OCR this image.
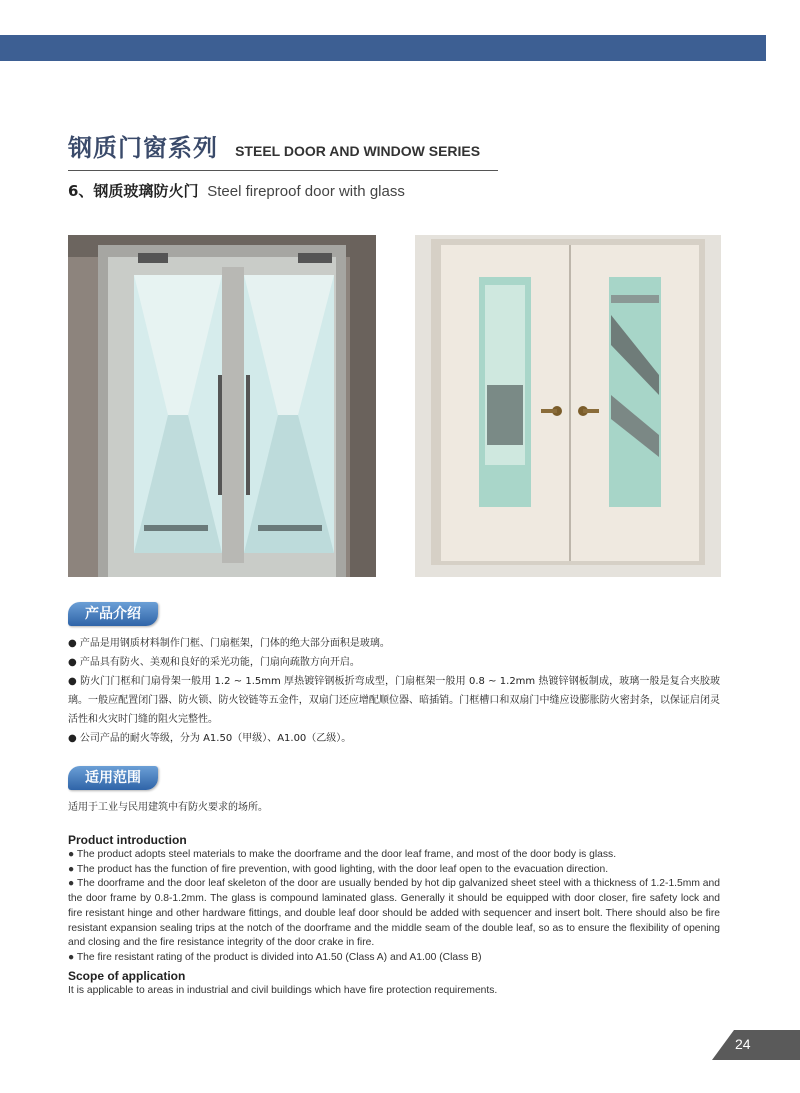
钢质门窗系列 STEEL DOOR AND WINDOW SERIES
6、钢质玻璃防火门 Steel fireproof door with glass
产品介绍

● 产品是用钢质材料制作门框、门扇框架，门体的绝大部分面积是玻璃。

● 产品具有防火、美观和良好的采光功能，门扇向疏散方向开启。

● 防火门门框和门扇骨架一般用 1.2 ~ 1.5mm 厚热镀锌钢板折弯成型，门扇框架一般用 0.8 ~ 1.2mm 热镀锌钢板制成，玻璃一般是复合夹胶玻璃。一般应配置闭门器、防火锁、防火铰链等五金件，双扇门还应增配顺位器、暗插销。门框槽口和双扇门中缝应设膨胀防火密封条，以保证启闭灵活性和火灾时门缝的阻火完整性。

● 公司产品的耐火等级，分为 A1.50（甲级）、A1.00（乙级）。

适用范围
适用于工业与民用建筑中有防火要求的场所。
Product introduction

● The product adopts steel materials to make the doorframe and the door leaf frame, and most of the door body is glass.

● The product has the function of fire prevention, with good lighting, with the door leaf open to the evacuation direction.

● The doorframe and the door leaf skeleton of the door are usually bended by hot dip galvanized sheet steel with a thickness of 1.2-1.5mm and the door frame by 0.8-1.2mm. The glass is compound laminated glass. Generally it should be equipped with door closer, fire safety lock and fire resistant hinge and other hardware fittings, and double leaf door should be added with sequencer and insert bolt. There should also be fire resistant expansion sealing trips at the notch of the doorframe and the middle seam of the double leaf, so as to ensure the flexibility of opening and closing and the fire resistance integrity of the door crake in fire.

● The fire resistant rating of the product is divided into A1.50 (Class A) and A1.00 (Class B)

Scope of application

It is applicable to areas in industrial and civil buildings which have fire protection requirements.

24
